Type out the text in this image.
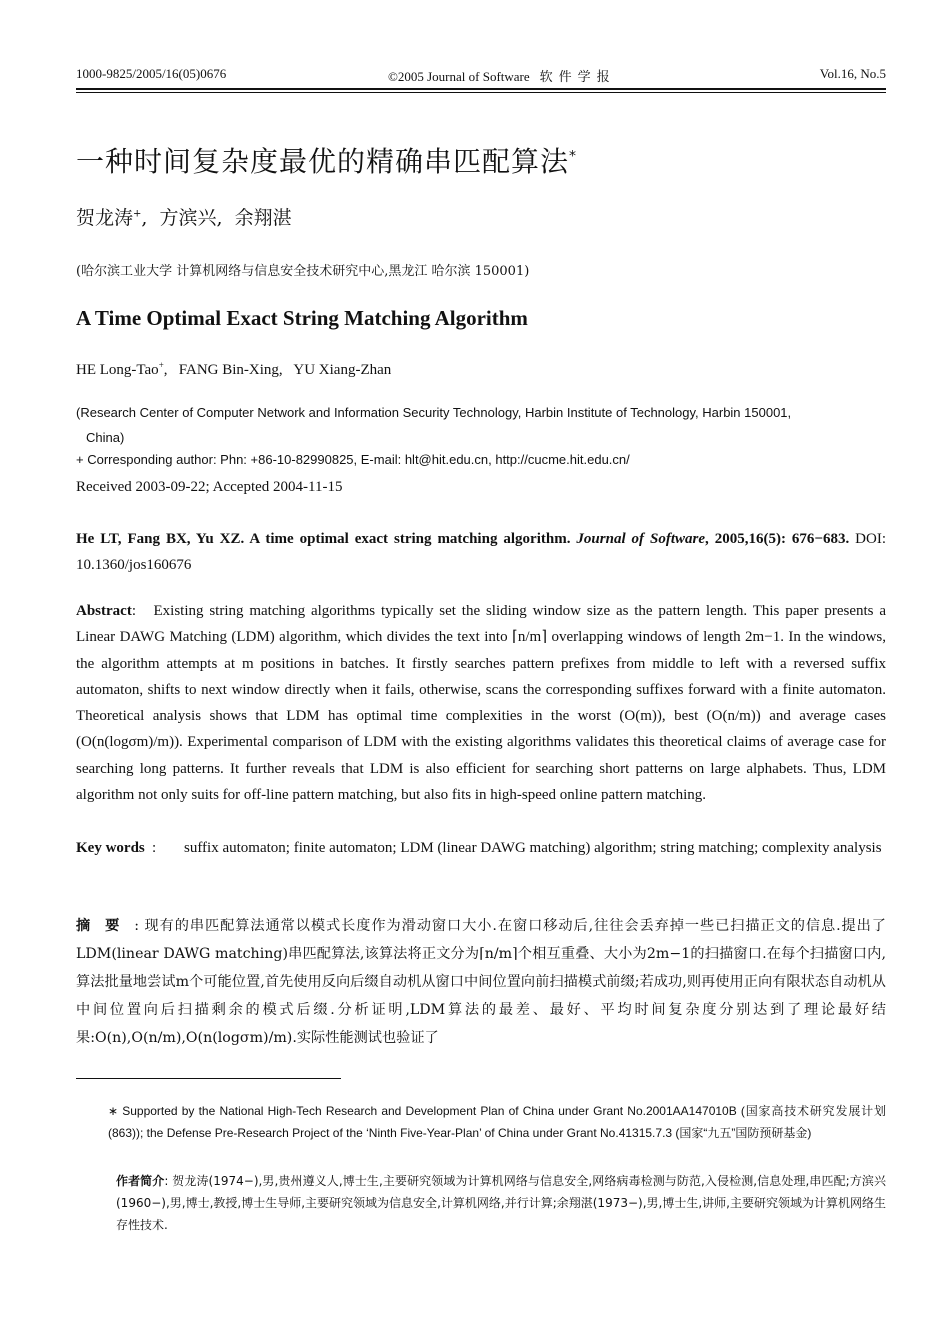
1000-9825/2005/16(05)0676	©2005 Journal of Software 软件学报	Vol.16, No.5
一种时间复杂度最优的精确串匹配算法*
贺龙涛+,  方滨兴,  余翔湛
(哈尔滨工业大学 计算机网络与信息安全技术研究中心,黑龙江 哈尔滨 150001)
A Time Optimal Exact String Matching Algorithm
HE Long-Tao+,   FANG Bin-Xing,   YU Xiang-Zhan
(Research Center of Computer Network and Information Security Technology, Harbin Institute of Technology, Harbin 150001,
China)
+ Corresponding author: Phn: +86-10-82990825, E-mail: hlt@hit.edu.cn, http://cucme.hit.edu.cn/
Received 2003-09-22; Accepted 2004-11-15
He LT, Fang BX, Yu XZ. A time optimal exact string matching algorithm. Journal of Software, 2005,16(5): 676−683. DOI: 10.1360/jos160676
Abstract:   Existing string matching algorithms typically set the sliding window size as the pattern length. This paper presents a Linear DAWG Matching (LDM) algorithm, which divides the text into ⌈n/m⌉ overlapping windows of length 2m−1. In the windows, the algorithm attempts at m positions in batches. It firstly searches pattern prefixes from middle to left with a reversed suffix automaton, shifts to next window directly when it fails, otherwise, scans the corresponding suffixes forward with a finite automaton. Theoretical analysis shows that LDM has optimal time complexities in the worst (O(m)), best (O(n/m)) and average cases (O(n(logσm)/m)). Experimental comparison of LDM with the existing algorithms validates this theoretical claims of average case for searching long patterns. It further reveals that LDM is also efficient for searching short patterns on large alphabets. Thus, LDM algorithm not only suits for off-line pattern matching, but also fits in high-speed online pattern matching.
Key words : suffix automaton; finite automaton; LDM (linear DAWG matching) algorithm; string matching; complexity analysis
摘要: 现有的串匹配算法通常以模式长度作为滑动窗口大小.在窗口移动后,往往会丢弃掉一些已扫描正文的信息.提出了LDM(linear DAWG matching)串匹配算法,该算法将正文分为⌈n/m⌉个相互重叠、大小为2m−1的扫描窗口.在每个扫描窗口内,算法批量地尝试m个可能位置,首先使用反向后缀自动机从窗口中间位置向前扫描模式前缀;若成功,则再使用正向有限状态自动机从中间位置向后扫描剩余的模式后缀.分析证明,LDM算法的最差、最好、平均时间复杂度分别达到了理论最好结果:O(n),O(n/m),O(n(logσm)/m).实际性能测试也验证了
∗ Supported by the National High-Tech Research and Development Plan of China under Grant No.2001AA147010B (国家高技术研究发展计划(863)); the Defense Pre-Research Project of the ‘Ninth Five-Year-Plan’ of China under Grant No.41315.7.3 (国家“九五”国防预研基金)
作者简介: 贺龙涛(1974−),男,贵州遵义人,博士生,主要研究领域为计算机网络与信息安全,网络病毒检测与防范,入侵检测,信息处理,串匹配;方滨兴(1960−),男,博士,教授,博士生导师,主要研究领域为信息安全,计算机网络,并行计算;余翔湛(1973−),男,博士生,讲师,主要研究领域为计算机网络生存性技术.
